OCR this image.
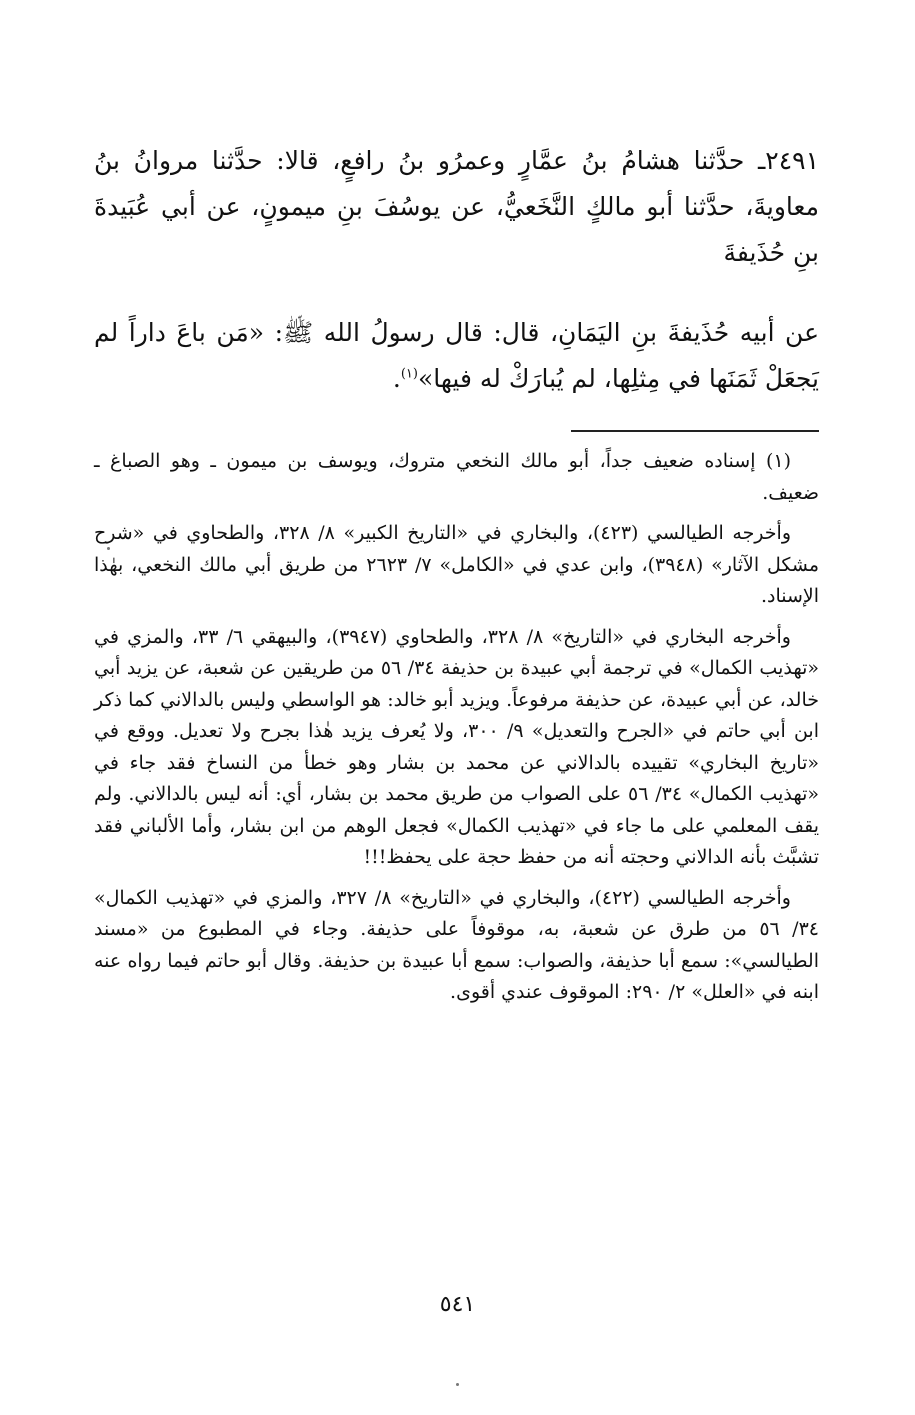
٢٤٩١ـ حدَّثنا هشامُ بنُ عمَّارٍ وعمرُو بنُ رافعٍ، قالا: حدَّثنا مروانُ بنُ معاويةَ، حدَّثنا أبو مالكٍ النَّخَعيُّ، عن يوسُفَ بنِ ميمونٍ، عن أبي عُبَيدةَ بنِ حُذَيفةَ
عن أبيه حُذَيفةَ بنِ اليَمَانِ، قال: قال رسولُ الله ﷺ: «مَن باعَ داراً لم يَجعَلْ ثَمَنَها في مِثلِها، لم يُبارَكْ له فيها»$^{(١)}$.

(١) إسناده ضعيف جداً، أبو مالك النخعي متروك، ويوسف بن ميمون ـ وهو الصباغ ـ ضعيف.

وأخرجه الطيالسي (٤٢٣)، والبخاري في «التاريخ الكبير» ٨/ ٣٢٨، والطحاوي في «شرح مشكل الآثار» (٣٩٤٨)، وابن عدي في «الكامل» ٧/ ٢٦٢٣ من طريق أبي مالك النخعي، بهٰذا الإسناد.

وأخرجه البخاري في «التاريخ» ٨/ ٣٢٨، والطحاوي (٣٩٤٧)، والبيهقي ٦/ ٣٣، والمزي في «تهذيب الكمال» في ترجمة أبي عبيدة بن حذيفة ٣٤/ ٥٦ من طريقين عن شعبة، عن يزيد أبي خالد، عن أبي عبيدة، عن حذيفة مرفوعاً. ويزيد أبو خالد: هو الواسطي وليس بالدالاني كما ذكر ابن أبي حاتم في «الجرح والتعديل» ٩/ ٣٠٠، ولا يُعرف يزيد هٰذا بجرح ولا تعديل. ووقع في «تاريخ البخاري» تقييده بالدالاني عن محمد بن بشار وهو خطأ من النساخ فقد جاء في «تهذيب الكمال» ٣٤/ ٥٦ على الصواب من طريق محمد بن بشار، أي: أنه ليس بالدالاني. ولم يقف المعلمي على ما جاء في «تهذيب الكمال» فجعل الوهم من ابن بشار، وأما الألباني فقد تشبَّث بأنه الدالاني وحجته أنه من حفظ حجة على يحفظ!!!

وأخرجه الطيالسي (٤٢٢)، والبخاري في «التاريخ» ٨/ ٣٢٧، والمزي في «تهذيب الكمال» ٣٤/ ٥٦ من طرق عن شعبة، به، موقوفاً على حذيفة. وجاء في المطبوع من «مسند الطيالسي»: سمع أبا حذيفة، والصواب: سمع أبا عبيدة بن حذيفة. وقال أبو حاتم فيما رواه عنه ابنه في «العلل» ٢/ ٢٩٠: الموقوف عندي أقوى.

٥٤١
